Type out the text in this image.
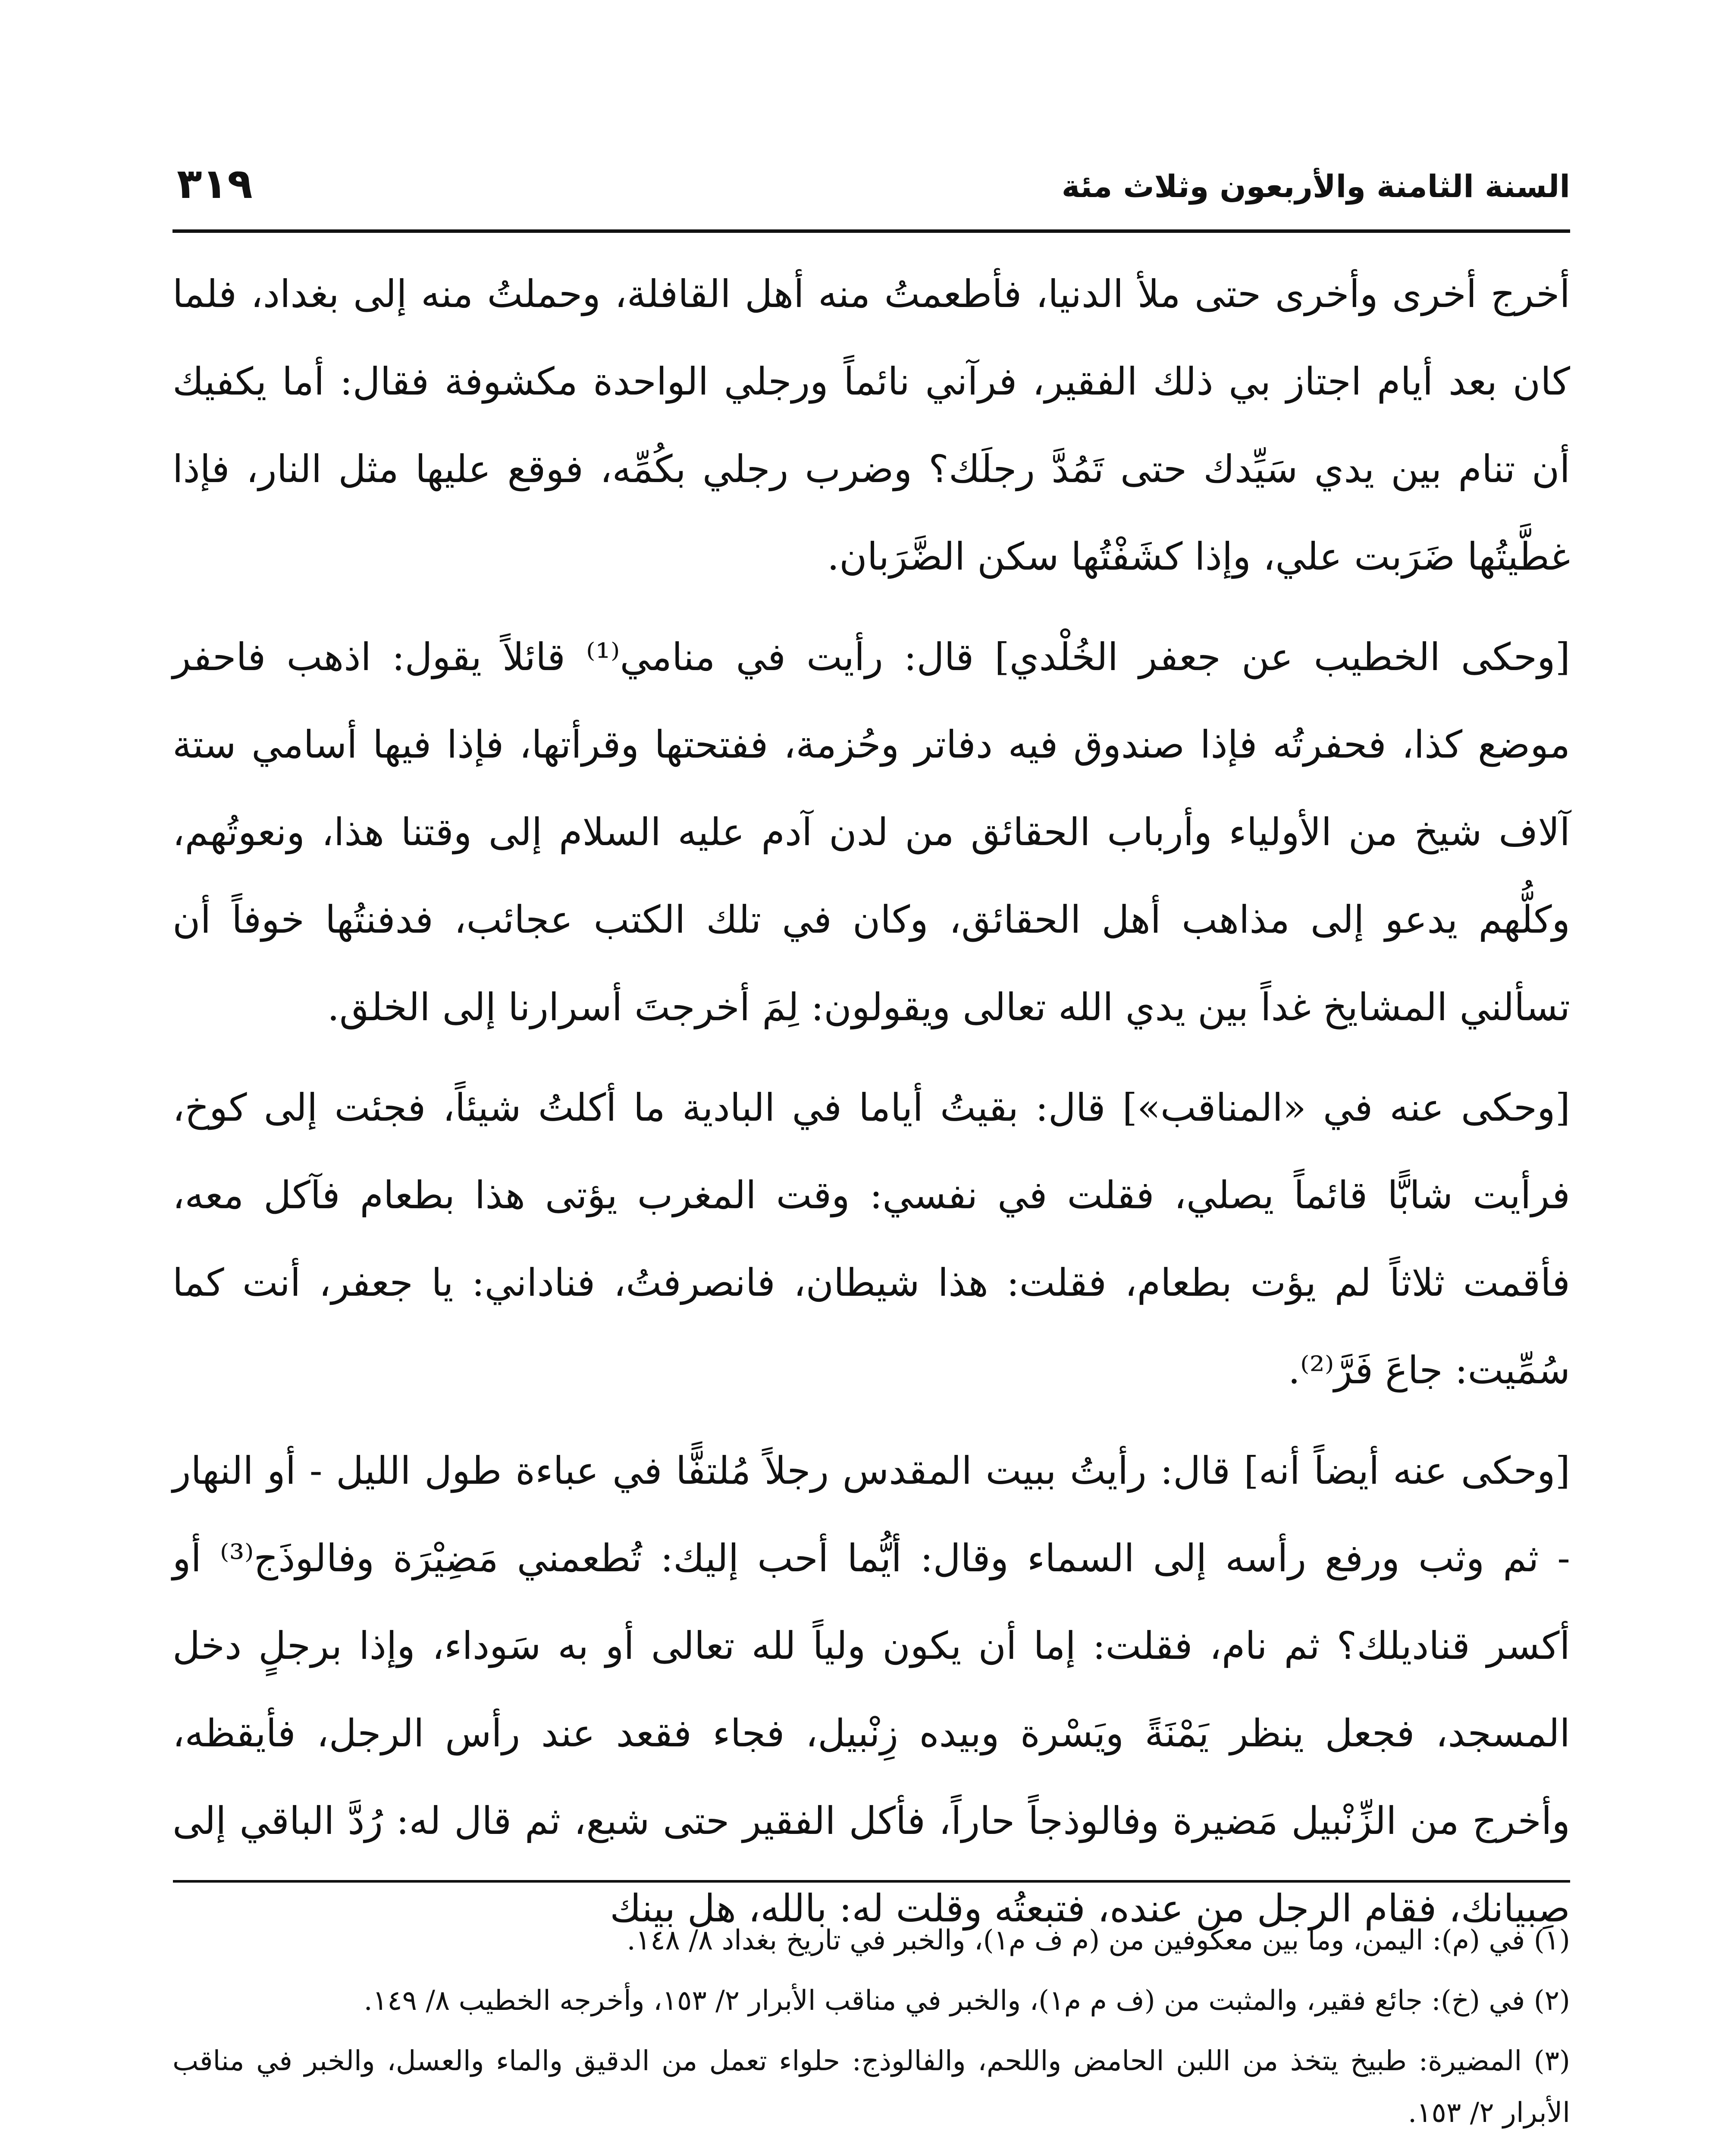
السنة الثامنة والأربعون وثلاث مئة
٣١٩

أخرج أخرى وأخرى حتى ملأ الدنيا، فأطعمتُ منه أهل القافلة، وحملتُ منه إلى بغداد، فلما كان بعد أيام اجتاز بي ذلك الفقير، فرآني نائماً ورجلي الواحدة مكشوفة فقال: أما يكفيك أن تنام بين يدي سَيِّدك حتى تَمُدَّ رجلَك؟ وضرب رجلي بكُمِّه، فوقع عليها مثل النار، فإذا غطَّيتُها ضَرَبت علي، وإذا كشَفْتُها سكن الضَّرَبان.

[وحكى الخطيب عن جعفر الخُلْدي] قال: رأيت في منامي⁽¹⁾ قائلاً يقول: اذهب فاحفر موضع كذا، فحفرتُه فإذا صندوق فيه دفاتر وحُزمة، ففتحتها وقرأتها، فإذا فيها أسامي ستة آلاف شيخ من الأولياء وأرباب الحقائق من لدن آدم عليه السلام إلى وقتنا هذا، ونعوتُهم، وكلُّهم يدعو إلى مذاهب أهل الحقائق، وكان في تلك الكتب عجائب، فدفنتُها خوفاً أن تسألني المشايخ غداً بين يدي الله تعالى ويقولون: لِمَ أخرجتَ أسرارنا إلى الخلق.

[وحكى عنه في «المناقب»] قال: بقيتُ أياما في البادية ما أكلتُ شيئاً، فجئت إلى كوخ، فرأيت شابًّا قائماً يصلي، فقلت في نفسي: وقت المغرب يؤتى هذا بطعام فآكل معه، فأقمت ثلاثاً لم يؤت بطعام، فقلت: هذا شيطان، فانصرفتُ، فناداني: يا جعفر، أنت كما سُمِّيت: جاعَ فَرَّ⁽²⁾.

[وحكى عنه أيضاً أنه] قال: رأيتُ ببيت المقدس رجلاً مُلتفًّا في عباءة طول الليل - أو النهار - ثم وثب ورفع رأسه إلى السماء وقال: أيُّما أحب إليك: تُطعمني مَضِيْرَة وفالوذَج⁽³⁾ أو أكسر قناديلك؟ ثم نام، فقلت: إما أن يكون ولياً لله تعالى أو به سَوداء، وإذا برجلٍ دخل المسجد، فجعل ينظر يَمْنَةً ويَسْرة وبيده زِنْبيل، فجاء فقعد عند رأس الرجل، فأيقظه، وأخرج من الزِّنْبيل مَضيرة وفالوذجاً حاراً، فأكل الفقير حتى شبع، ثم قال له: رُدَّ الباقي إلى صِبيانك، فقام الرجل من عنده، فتبعتُه وقلت له: بالله، هل بينك

(١) في (م): اليمن، وما بين معكوفين من (م ف م١)، والخبر في تاريخ بغداد ٨/ ١٤٨.

(٢) في (خ): جائع فقير، والمثبت من (ف م م١)، والخبر في مناقب الأبرار ٢/ ١٥٣، وأخرجه الخطيب ٨/ ١٤٩.

(٣) المضيرة: طبيخ يتخذ من اللبن الحامض واللحم، والفالوذج: حلواء تعمل من الدقيق والماء والعسل، والخبر في مناقب الأبرار ٢/ ١٥٣.
